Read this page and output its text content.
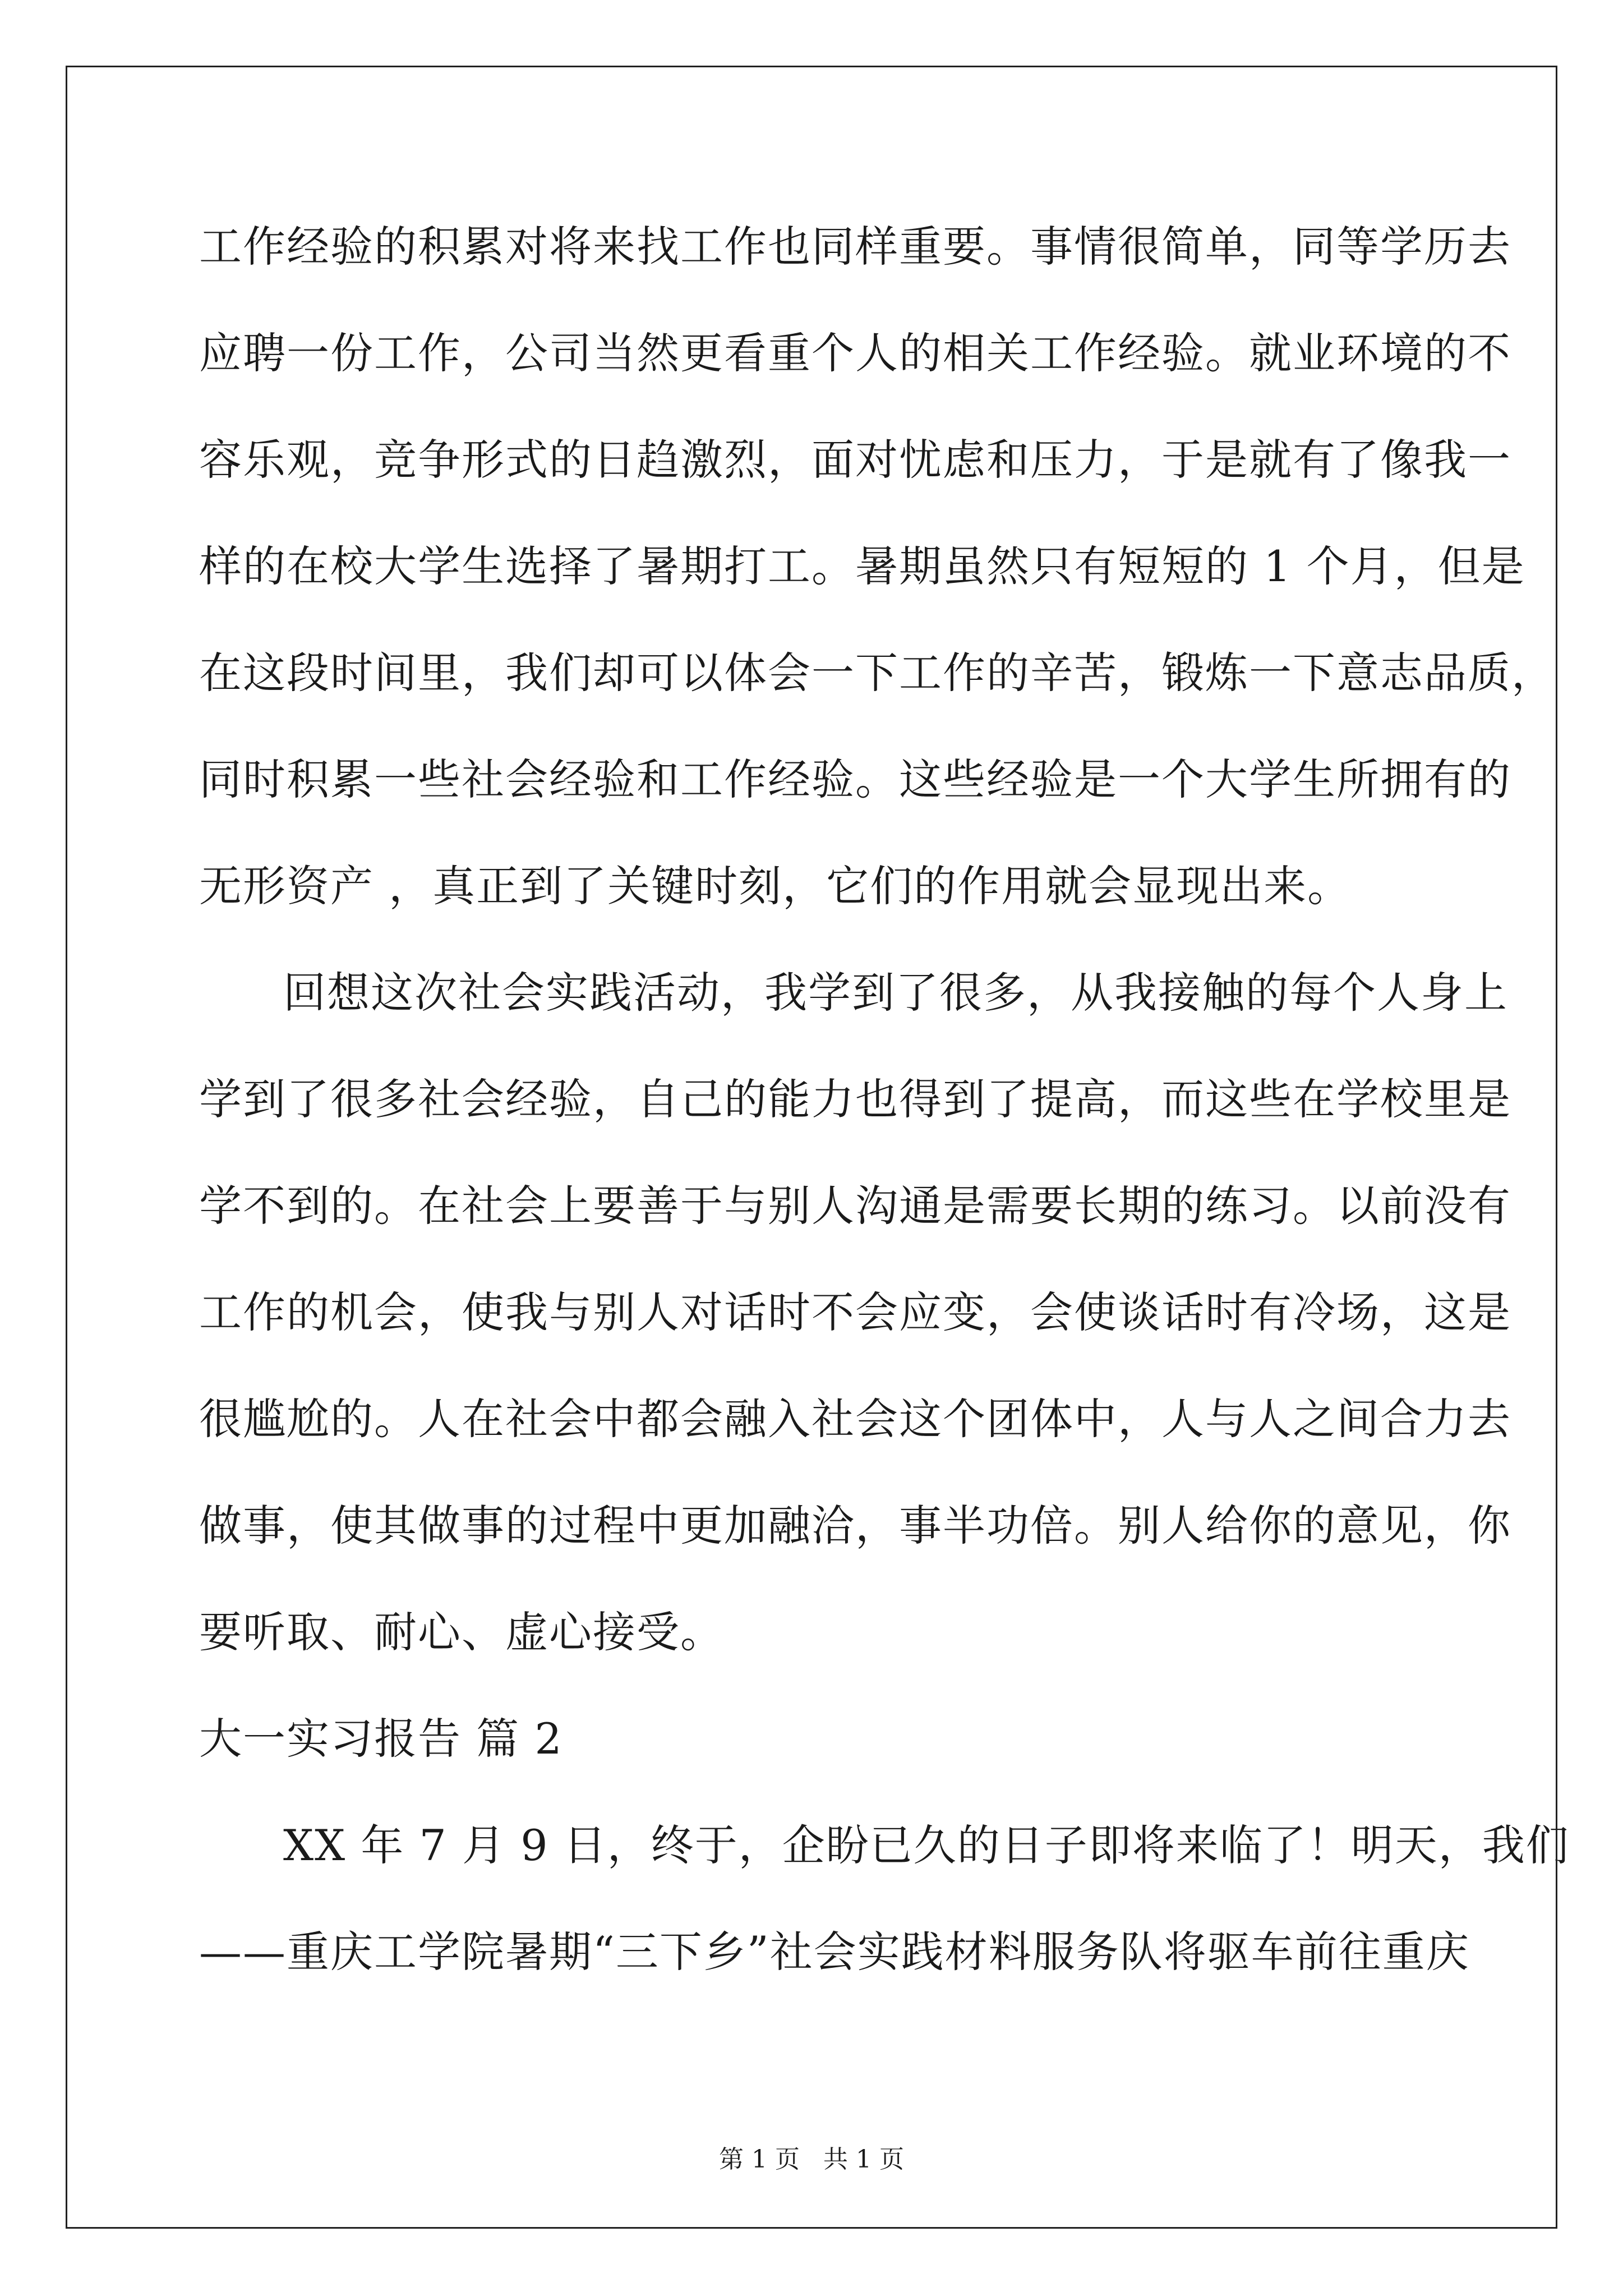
工作经验的积累对将来找工作也同样重要。事情很简单，同等学历去
应聘一份工作，公司当然更看重个人的相关工作经验。就业环境的不
容乐观，竞争形式的日趋激烈，面对忧虑和压力，于是就有了像我一
样的在校大学生选择了暑期打工。暑期虽然只有短短的 1 个月，但是
在这段时间里，我们却可以体会一下工作的辛苦，锻炼一下意志品质，
同时积累一些社会经验和工作经验。这些经验是一个大学生所拥有的
无形资产 ，真正到了关键时刻，它们的作用就会显现出来。
回想这次社会实践活动，我学到了很多，从我接触的每个人身上
学到了很多社会经验，自己的能力也得到了提高，而这些在学校里是
学不到的。在社会上要善于与别人沟通是需要长期的练习。以前没有
工作的机会，使我与别人对话时不会应变，会使谈话时有冷场，这是
很尴尬的。人在社会中都会融入社会这个团体中，人与人之间合力去
做事，使其做事的过程中更加融洽，事半功倍。别人给你的意见，你
要听取、耐心、虚心接受。
大一实习报告 篇 2
XX 年 7 月 9 日，终于，企盼已久的日子即将来临了！明天，我们
——重庆工学院暑期“三下乡”社会实践材料服务队将驱车前往重庆
第 1 页   共 1 页
